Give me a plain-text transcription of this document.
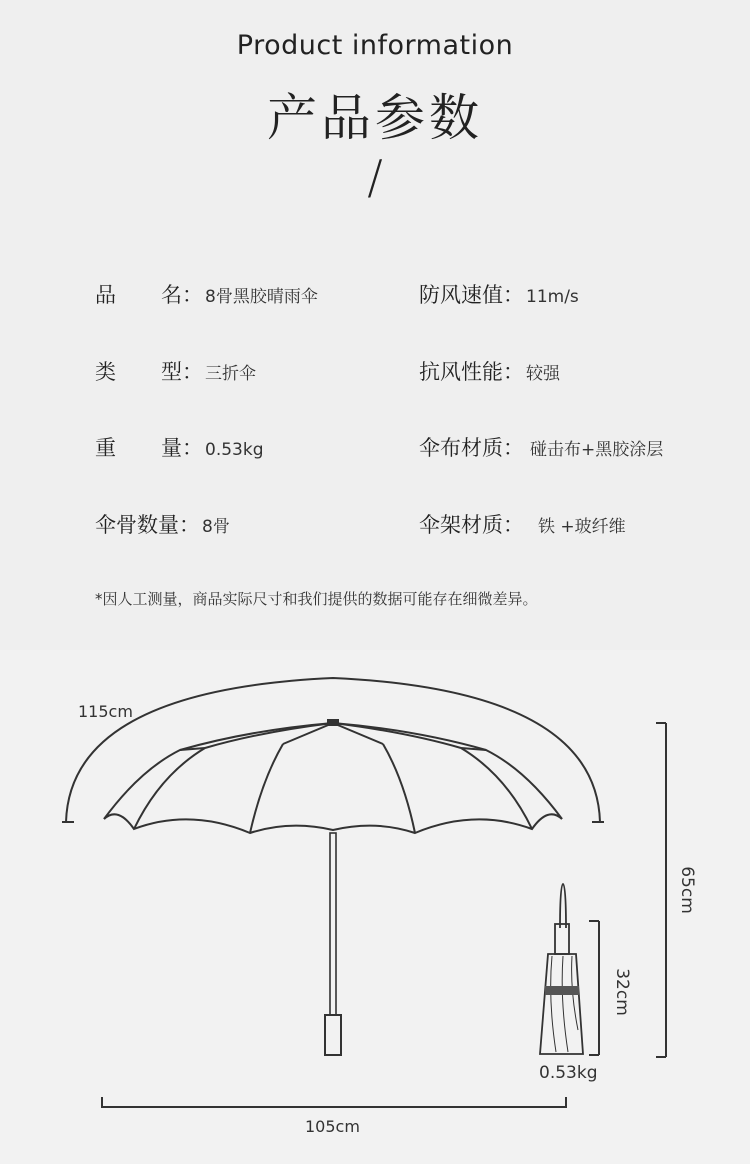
Product information
产品参数
/
品 名： 8骨黑胶晴雨伞	防风速值： 11m/s
类 型： 三折伞	抗风性能： 较强
重 量： 0.53kg	伞布材质： 碰击布+黑胶涂层
伞骨数量： 8骨	伞架材质： 铁 +玻纤维
*因人工测量，商品实际尺寸和我们提供的数据可能存在细微差异。
115cm
65cm
32cm
0.53kg
105cm
